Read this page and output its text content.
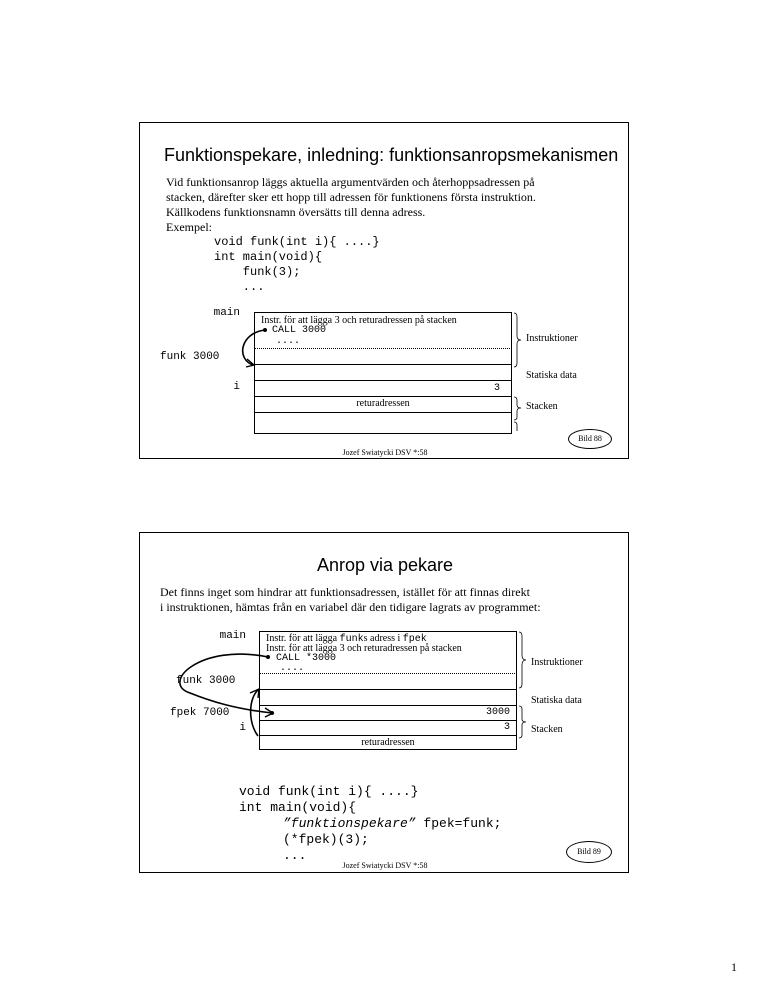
Funktionspekare, inledning: funktionsanropsmekanismen
Vid funktionsanrop läggs aktuella argumentvärden och återhoppsadressen på
stacken, därefter sker ett hopp till adressen för funktionens första instruktion.
Källkodens funktionsnamn översätts till denna adress.
Exempel:
void funk(int i){ ....}
int main(void){
funk(3);
...
main
funk 3000
i
Instr. för att lägga 3 och returadressen på stacken
CALL 3000
....
3
returadressen
Instruktioner
Statiska data
Stacken
Bild 88
Jozef Swiatycki DSV *:58
Anrop via pekare
Det finns inget som hindrar att funktionsadressen, istället för att finnas direkt
i instruktionen, hämtas från en variabel där den tidigare lagrats av programmet:
main
funk 3000
fpek 7000
i
Instr. för att lägga funks adress i fpek
Instr. för att lägga 3 och returadressen på stacken
CALL *3000
....
3000
3
returadressen
Instruktioner
Statiska data
Stacken
void funk(int i){ ....}
int main(void){
”funktionspekare” fpek=funk;
(*fpek)(3);
...	Bild 89
Jozef Swiatycki DSV *:58
1
